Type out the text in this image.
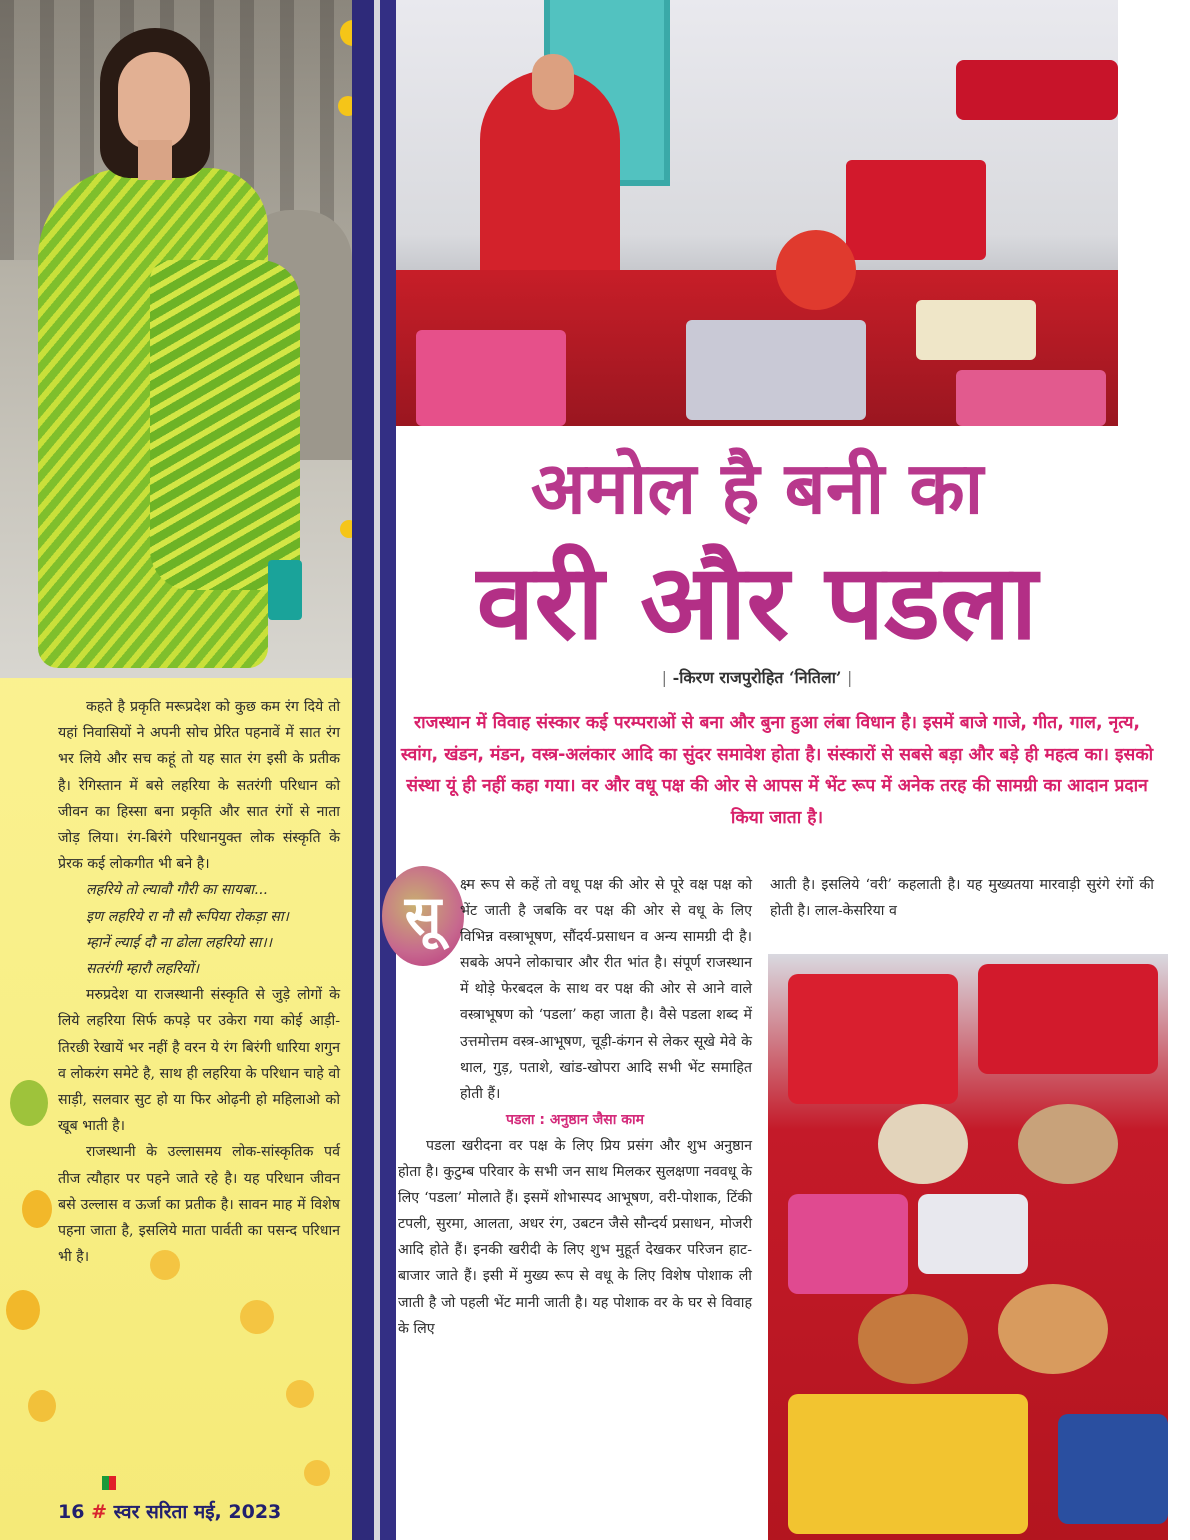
कहते है प्रकृति मरूप्रदेश को कुछ कम रंग दिये तो यहां निवासियों ने अपनी सोच प्रेरित पहनावें में सात रंग भर लिये और सच कहूं तो यह सात रंग इसी के प्रतीक है। रेगिस्तान में बसे लहरिया के सतरंगी परिधान को जीवन का हिस्सा बना प्रकृति और सात रंगों से नाता जोड़ लिया। रंग-बिरंगे परिधानयुक्त लोक संस्कृति के प्रेरक कई लोकगीत भी बने है।

लहरिये तो ल्यावौ गौरी का सायबा...

इण लहरिये रा नौ सौ रूपिया रोकड़ा सा।

म्हानें ल्याई दौ ना ढोला लहरियो सा।।

सतरंगी म्हारौ लहरियों।

मरुप्रदेश या राजस्थानी संस्कृति से जुड़े लोगों के लिये लहरिया सिर्फ कपड़े पर उकेरा गया कोई आड़ी-तिरछी रेखायें भर नहीं है वरन ये रंग बिरंगी धारिया शगुन व लोकरंग समेटे है, साथ ही लहरिया के परिधान चाहे वो साड़ी, सलवार सुट हो या फिर ओढ़नी हो महिलाओ को खूब भाती है।

राजस्थानी के उल्लासमय लोक-सांस्कृतिक पर्व तीज त्यौहार पर पहने जाते रहे है। यह परिधान जीवन बसे उल्लास व ऊर्जा का प्रतीक है। सावन माह में विशेष पहना जाता है, इसलिये माता पार्वती का पसन्द परिधान भी है।

16 # स्वर सरिता मई, 2023
अमोल है बनी का
वरी और पडला
| -किरण राजपुरोहित ‘नितिला’ |
राजस्थान में विवाह संस्कार कई परम्पराओं से बना और बुना हुआ लंबा विधान है। इसमें बाजे गाजे, गीत, गाल, नृत्य, स्वांग, खंडन, मंडन, वस्त्र-अलंकार आदि का सुंदर समावेश होता है। संस्कारों से सबसे बड़ा और बड़े ही महत्व का। इसको संस्था यूं ही नहीं कहा गया। वर और वधू पक्ष की ओर से आपस में भेंट रूप में अनेक तरह की सामग्री का आदान प्रदान किया जाता है।
सू	क्ष्म रूप से कहें तो वधू पक्ष की ओर से पूरे वक्ष पक्ष को भेंट जाती है जबकि वर पक्ष की ओर से वधू के लिए विभिन्न वस्त्राभूषण, सौंदर्य-प्रसाधन व अन्य सामग्री दी है। सबके अपने लोकाचार और रीत भांत है। संपूर्ण राजस्थान में थोड़े फेरबदल के साथ वर पक्ष की ओर से आने वाले वस्त्राभूषण को ‘पडला’ कहा जाता है। वैसे पडला शब्द में उत्तमोत्तम वस्त्र-आभूषण, चूड़ी-कंगन से लेकर सूखे मेवे के थाल, गुड़, पताशे, खांड-खोपरा आदि सभी भेंट समाहित होती हैं।

पडला : अनुष्ठान जैसा काम

पडला खरीदना वर पक्ष के लिए प्रिय प्रसंग और शुभ अनुष्ठान होता है। कुटुम्ब परिवार के सभी जन साथ मिलकर सुलक्षणा नववधू के लिए ‘पडला’ मोलाते हैं। इसमें शोभास्पद आभूषण, वरी-पोशाक, टिंकी टपली, सुरमा, आलता, अधर रंग, उबटन जैसे सौन्दर्य प्रसाधन, मोजरी आदि होते हैं। इनकी खरीदी के लिए शुभ मुहूर्त देखकर परिजन हाट-बाजार जाते हैं। इसी में मुख्य रूप से वधू के लिए विशेष पोशाक ली जाती है जो पहली भेंट मानी जाती है। यह पोशाक वर के घर से विवाह के लिए

आती है। इसलिये ‘वरी’ कहलाती है। यह मुख्यतया मारवाड़ी सुरंगे रंगों की होती है। लाल-केसरिया व
